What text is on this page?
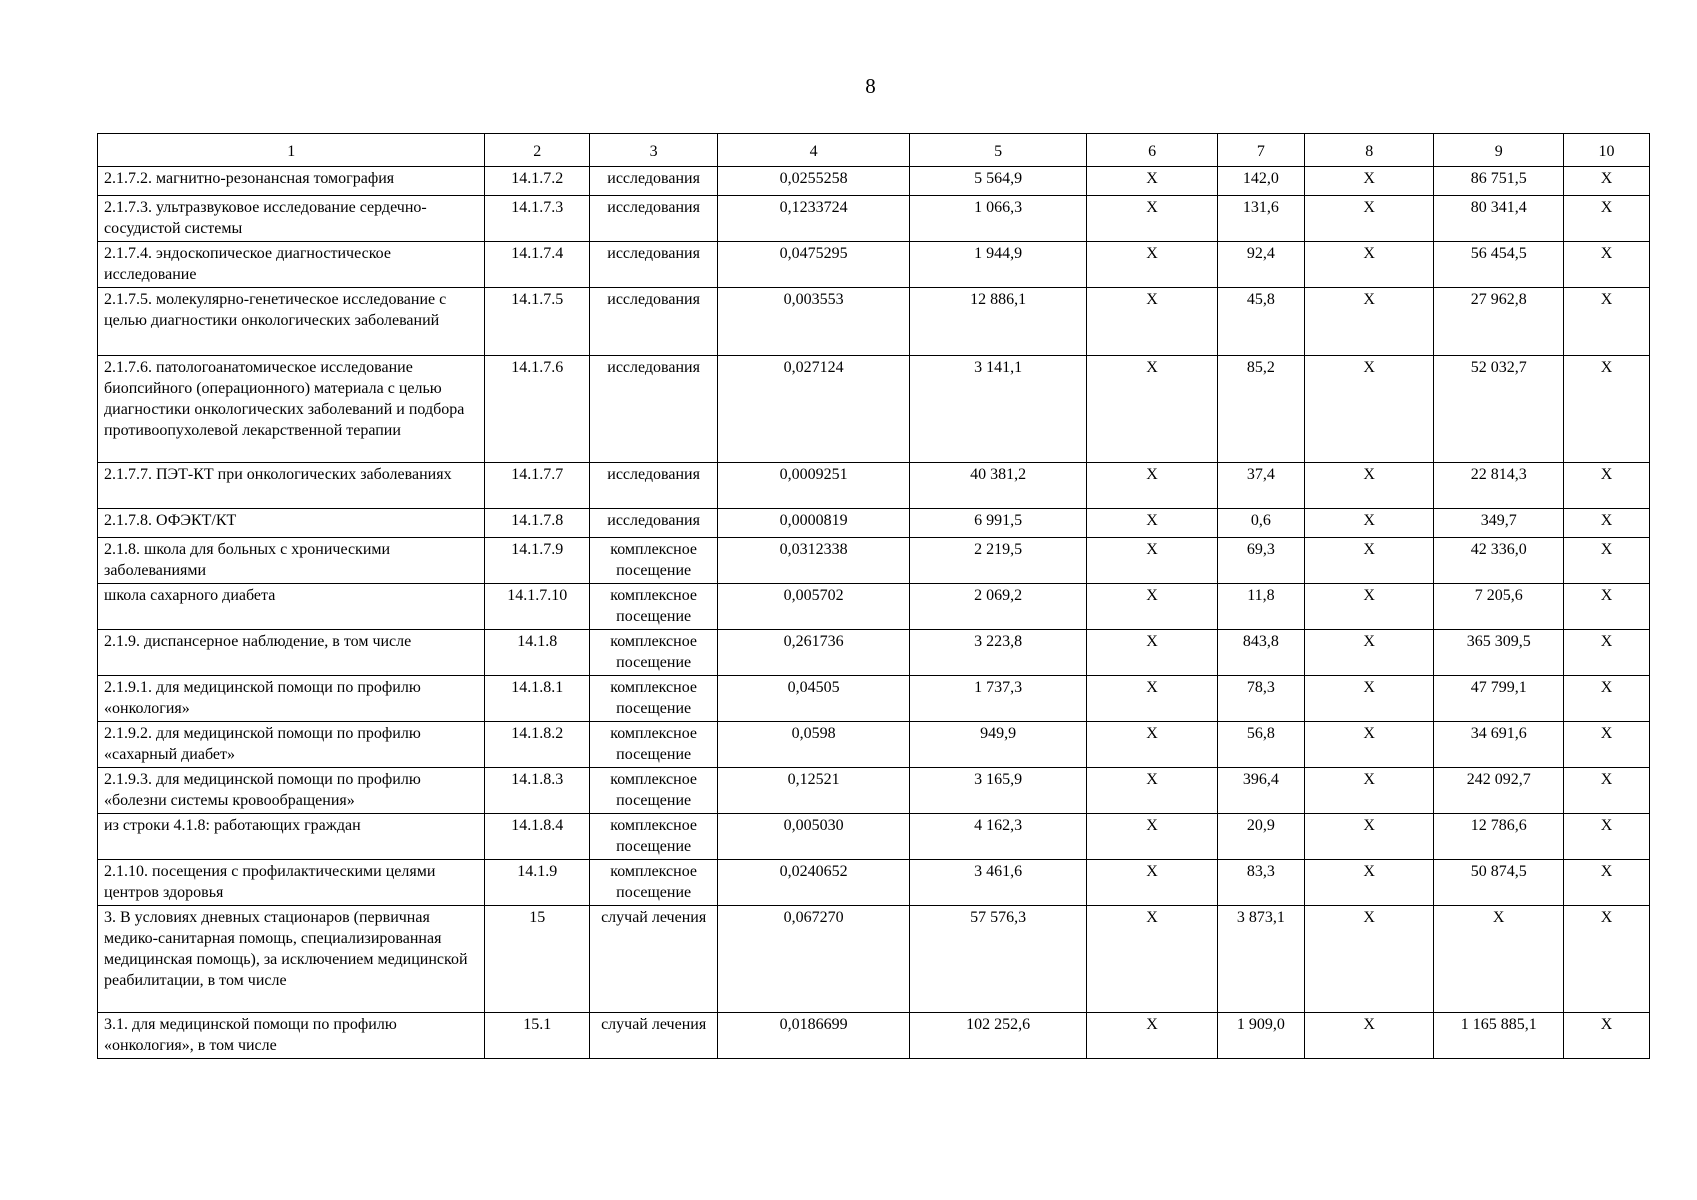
8
1	2	3	4	5	6	7	8	9	10
2.1.7.2. магнитно-резонансная томография	14.1.7.2	исследования	0,0255258	5 564,9	Х	142,0	Х	86 751,5	Х
2.1.7.3. ультразвуковое исследование сердечно-сосудистой системы	14.1.7.3	исследования	0,1233724	1 066,3	Х	131,6	Х	80 341,4	Х
2.1.7.4. эндоскопическое диагностическое исследование	14.1.7.4	исследования	0,0475295	1 944,9	Х	92,4	Х	56 454,5	Х
2.1.7.5. молекулярно-генетическое исследование с целью диагностики онкологических заболеваний	14.1.7.5	исследования	0,003553	12 886,1	Х	45,8	Х	27 962,8	Х
2.1.7.6. патологоанатомическое исследование биопсийного (операционного) материала с целью диагностики онкологических заболеваний и подбора противоопухолевой лекарственной терапии	14.1.7.6	исследования	0,027124	3 141,1	Х	85,2	Х	52 032,7	Х
2.1.7.7. ПЭТ-КТ при онкологических заболеваниях	14.1.7.7	исследования	0,0009251	40 381,2	Х	37,4	Х	22 814,3	Х
2.1.7.8. ОФЭКТ/КТ	14.1.7.8	исследования	0,0000819	6 991,5	Х	0,6	Х	349,7	Х
2.1.8. школа для больных с хроническими заболеваниями	14.1.7.9	комплексное посещение	0,0312338	2 219,5	Х	69,3	Х	42 336,0	Х
школа сахарного диабета	14.1.7.10	комплексное посещение	0,005702	2 069,2	Х	11,8	Х	7 205,6	Х
2.1.9. диспансерное наблюдение, в том числе	14.1.8	комплексное посещение	0,261736	3 223,8	Х	843,8	Х	365 309,5	Х
2.1.9.1. для медицинской помощи по профилю «онкология»	14.1.8.1	комплексное посещение	0,04505	1 737,3	Х	78,3	Х	47 799,1	Х
2.1.9.2. для медицинской помощи по профилю «сахарный диабет»	14.1.8.2	комплексное посещение	0,0598	949,9	Х	56,8	Х	34 691,6	Х
2.1.9.3. для медицинской помощи по профилю «болезни системы кровообращения»	14.1.8.3	комплексное посещение	0,12521	3 165,9	Х	396,4	Х	242 092,7	Х
из строки 4.1.8: работающих граждан	14.1.8.4	комплексное посещение	0,005030	4 162,3	Х	20,9	Х	12 786,6	Х
2.1.10. посещения с профилактическими целями центров здоровья	14.1.9	комплексное посещение	0,0240652	3 461,6	Х	83,3	Х	50 874,5	Х
3. В условиях дневных стационаров (первичная медико-санитарная помощь, специализированная медицинская помощь), за исключением медицинской реабилитации, в том числе	15	случай лечения	0,067270	57 576,3	Х	3 873,1	Х	Х	Х
3.1. для медицинской помощи по профилю «онкология», в том числе	15.1	случай лечения	0,0186699	102 252,6	Х	1 909,0	Х	1 165 885,1	Х
